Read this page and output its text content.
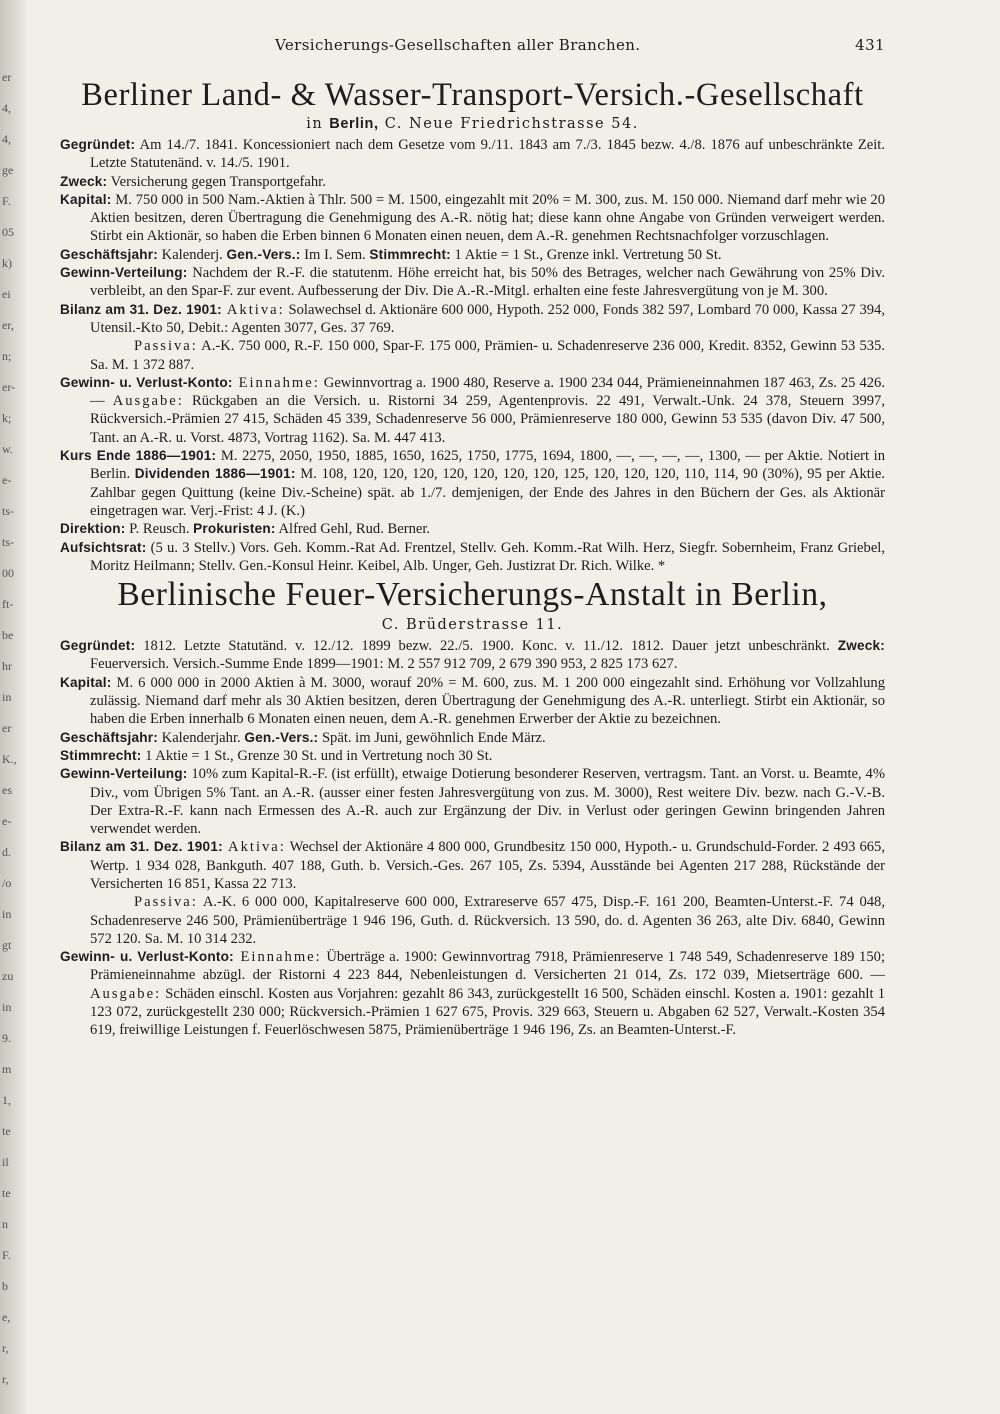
er
4,
4,
ge
F.
05
k)
ei
er,
n;
er-
k;
w.
e-
ts-
ts-
00
ft-
be
hr
in
er
K.,
es
e-
d.
/o
in
gt
zu
in
9.
m
1,
te
il
te
n
F.
b
e,
r,
r,
Versicherungs-Gesellschaften aller Branchen.	431
Berliner Land- & Wasser-Transport-Versich.-Gesellschaft
in Berlin, C. Neue Friedrichstrasse 54.

Gegründet: Am 14./7. 1841. Koncessioniert nach dem Gesetze vom 9./11. 1843 am 7./3. 1845 bezw. 4./8. 1876 auf unbeschränkte Zeit. Letzte Statutenänd. v. 14./5. 1901.

Zweck: Versicherung gegen Transportgefahr.

Kapital: M. 750 000 in 500 Nam.-Aktien à Thlr. 500 = M. 1500, eingezahlt mit 20% = M. 300, zus. M. 150 000. Niemand darf mehr wie 20 Aktien besitzen, deren Übertragung die Genehmigung des A.-R. nötig hat; diese kann ohne Angabe von Gründen verweigert werden. Stirbt ein Aktionär, so haben die Erben binnen 6 Monaten einen neuen, dem A.-R. genehmen Rechtsnachfolger vorzuschlagen.

Geschäftsjahr: Kalenderj. Gen.-Vers.: Im I. Sem. Stimmrecht: 1 Aktie = 1 St., Grenze inkl. Vertretung 50 St.

Gewinn-Verteilung: Nachdem der R.-F. die statutenm. Höhe erreicht hat, bis 50% des Betrages, welcher nach Gewährung von 25% Div. verbleibt, an den Spar-F. zur event. Aufbesserung der Div. Die A.-R.-Mitgl. erhalten eine feste Jahresvergütung von je M. 300.

Bilanz am 31. Dez. 1901: Aktiva: Solawechsel d. Aktionäre 600 000, Hypoth. 252 000, Fonds 382 597, Lombard 70 000, Kassa 27 394, Utensil.-Kto 50, Debit.: Agenten 3077, Ges. 37 769.

Passiva: A.-K. 750 000, R.-F. 150 000, Spar-F. 175 000, Prämien- u. Schadenreserve 236 000, Kredit. 8352, Gewinn 53 535. Sa. M. 1 372 887.

Gewinn- u. Verlust-Konto: Einnahme: Gewinnvortrag a. 1900 480, Reserve a. 1900 234 044, Prämieneinnahmen 187 463, Zs. 25 426. — Ausgabe: Rückgaben an die Versich. u. Ristorni 34 259, Agentenprovis. 22 491, Verwalt.-Unk. 24 378, Steuern 3997, Rückversich.-Prämien 27 415, Schäden 45 339, Schadenreserve 56 000, Prämienreserve 180 000, Gewinn 53 535 (davon Div. 47 500, Tant. an A.-R. u. Vorst. 4873, Vortrag 1162). Sa. M. 447 413.

Kurs Ende 1886—1901: M. 2275, 2050, 1950, 1885, 1650, 1625, 1750, 1775, 1694, 1800, —, —, —, —, 1300, — per Aktie. Notiert in Berlin. Dividenden 1886—1901: M. 108, 120, 120, 120, 120, 120, 120, 120, 125, 120, 120, 120, 110, 114, 90 (30%), 95 per Aktie. Zahlbar gegen Quittung (keine Div.-Scheine) spät. ab 1./7. demjenigen, der Ende des Jahres in den Büchern der Ges. als Aktionär eingetragen war. Verj.-Frist: 4 J. (K.)

Direktion: P. Reusch. Prokuristen: Alfred Gehl, Rud. Berner.

Aufsichtsrat: (5 u. 3 Stellv.) Vors. Geh. Komm.-Rat Ad. Frentzel, Stellv. Geh. Komm.-Rat Wilh. Herz, Siegfr. Sobernheim, Franz Griebel, Moritz Heilmann; Stellv. Gen.-Konsul Heinr. Keibel, Alb. Unger, Geh. Justizrat Dr. Rich. Wilke. *

Berlinische Feuer-Versicherungs-Anstalt in Berlin,
C. Brüderstrasse 11.

Gegründet: 1812. Letzte Statutänd. v. 12./12. 1899 bezw. 22./5. 1900. Konc. v. 11./12. 1812. Dauer jetzt unbeschränkt. Zweck: Feuerversich. Versich.-Summe Ende 1899—1901: M. 2 557 912 709, 2 679 390 953, 2 825 173 627.

Kapital: M. 6 000 000 in 2000 Aktien à M. 3000, worauf 20% = M. 600, zus. M. 1 200 000 eingezahlt sind. Erhöhung vor Vollzahlung zulässig. Niemand darf mehr als 30 Aktien besitzen, deren Übertragung der Genehmigung des A.-R. unterliegt. Stirbt ein Aktionär, so haben die Erben innerhalb 6 Monaten einen neuen, dem A.-R. genehmen Erwerber der Aktie zu bezeichnen.

Geschäftsjahr: Kalenderjahr. Gen.-Vers.: Spät. im Juni, gewöhnlich Ende März.

Stimmrecht: 1 Aktie = 1 St., Grenze 30 St. und in Vertretung noch 30 St.

Gewinn-Verteilung: 10% zum Kapital-R.-F. (ist erfüllt), etwaige Dotierung besonderer Reserven, vertragsm. Tant. an Vorst. u. Beamte, 4% Div., vom Übrigen 5% Tant. an A.-R. (ausser einer festen Jahresvergütung von zus. M. 3000), Rest weitere Div. bezw. nach G.-V.-B. Der Extra-R.-F. kann nach Ermessen des A.-R. auch zur Ergänzung der Div. in Verlust oder geringen Gewinn bringenden Jahren verwendet werden.

Bilanz am 31. Dez. 1901: Aktiva: Wechsel der Aktionäre 4 800 000, Grundbesitz 150 000, Hypoth.- u. Grundschuld-Forder. 2 493 665, Wertp. 1 934 028, Bankguth. 407 188, Guth. b. Versich.-Ges. 267 105, Zs. 5394, Ausstände bei Agenten 217 288, Rückstände der Versicherten 16 851, Kassa 22 713.

Passiva: A.-K. 6 000 000, Kapitalreserve 600 000, Extrareserve 657 475, Disp.-F. 161 200, Beamten-Unterst.-F. 74 048, Schadenreserve 246 500, Prämienüberträge 1 946 196, Guth. d. Rückversich. 13 590, do. d. Agenten 36 263, alte Div. 6840, Gewinn 572 120. Sa. M. 10 314 232.

Gewinn- u. Verlust-Konto: Einnahme: Überträge a. 1900: Gewinnvortrag 7918, Prämienreserve 1 748 549, Schadenreserve 189 150; Prämieneinnahme abzügl. der Ristorni 4 223 844, Nebenleistungen d. Versicherten 21 014, Zs. 172 039, Mietserträge 600. — Ausgabe: Schäden einschl. Kosten aus Vorjahren: gezahlt 86 343, zurückgestellt 16 500, Schäden einschl. Kosten a. 1901: gezahlt 1 123 072, zurückgestellt 230 000; Rückversich.-Prämien 1 627 675, Provis. 329 663, Steuern u. Abgaben 62 527, Verwalt.-Kosten 354 619, freiwillige Leistungen f. Feuerlöschwesen 5875, Prämienüberträge 1 946 196, Zs. an Beamten-Unterst.-F.
